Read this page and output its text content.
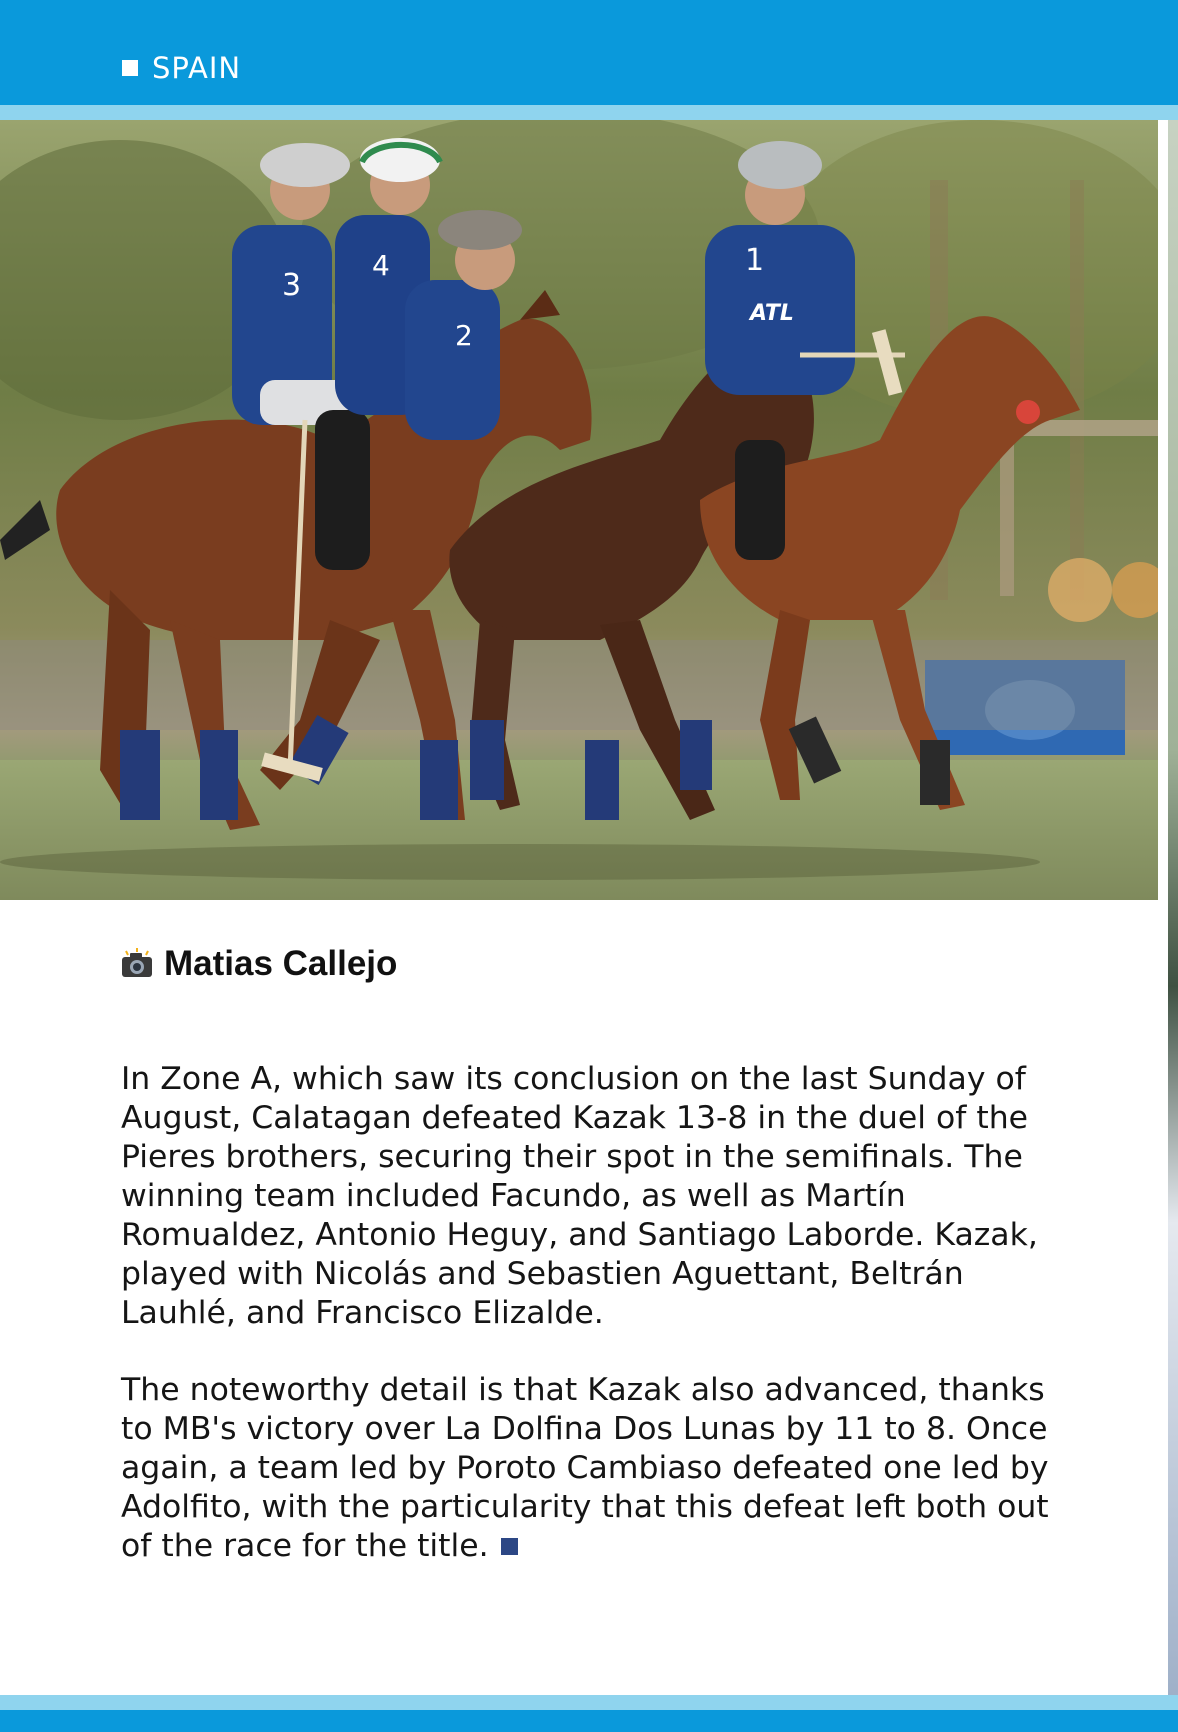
SPAIN
3
4
2
1
ATL
Matias Callejo

In Zone A, which saw its conclusion on the last Sunday of
August, Calatagan defeated Kazak 13-8 in the duel of the
Pieres brothers, securing their spot in the semifinals. The
winning team included Facundo, as well as Martín
Romualdez, Antonio Heguy, and Santiago Laborde. Kazak,
played with Nicolás and Sebastien Aguettant, Beltrán
Lauhlé, and Francisco Elizalde.

The noteworthy detail is that Kazak also advanced, thanks
to MB's victory over La Dolfina Dos Lunas by 11 to 8. Once
again, a team led by Poroto Cambiaso defeated one led by
Adolfito, with the particularity that this defeat left both out
of the race for the title.
